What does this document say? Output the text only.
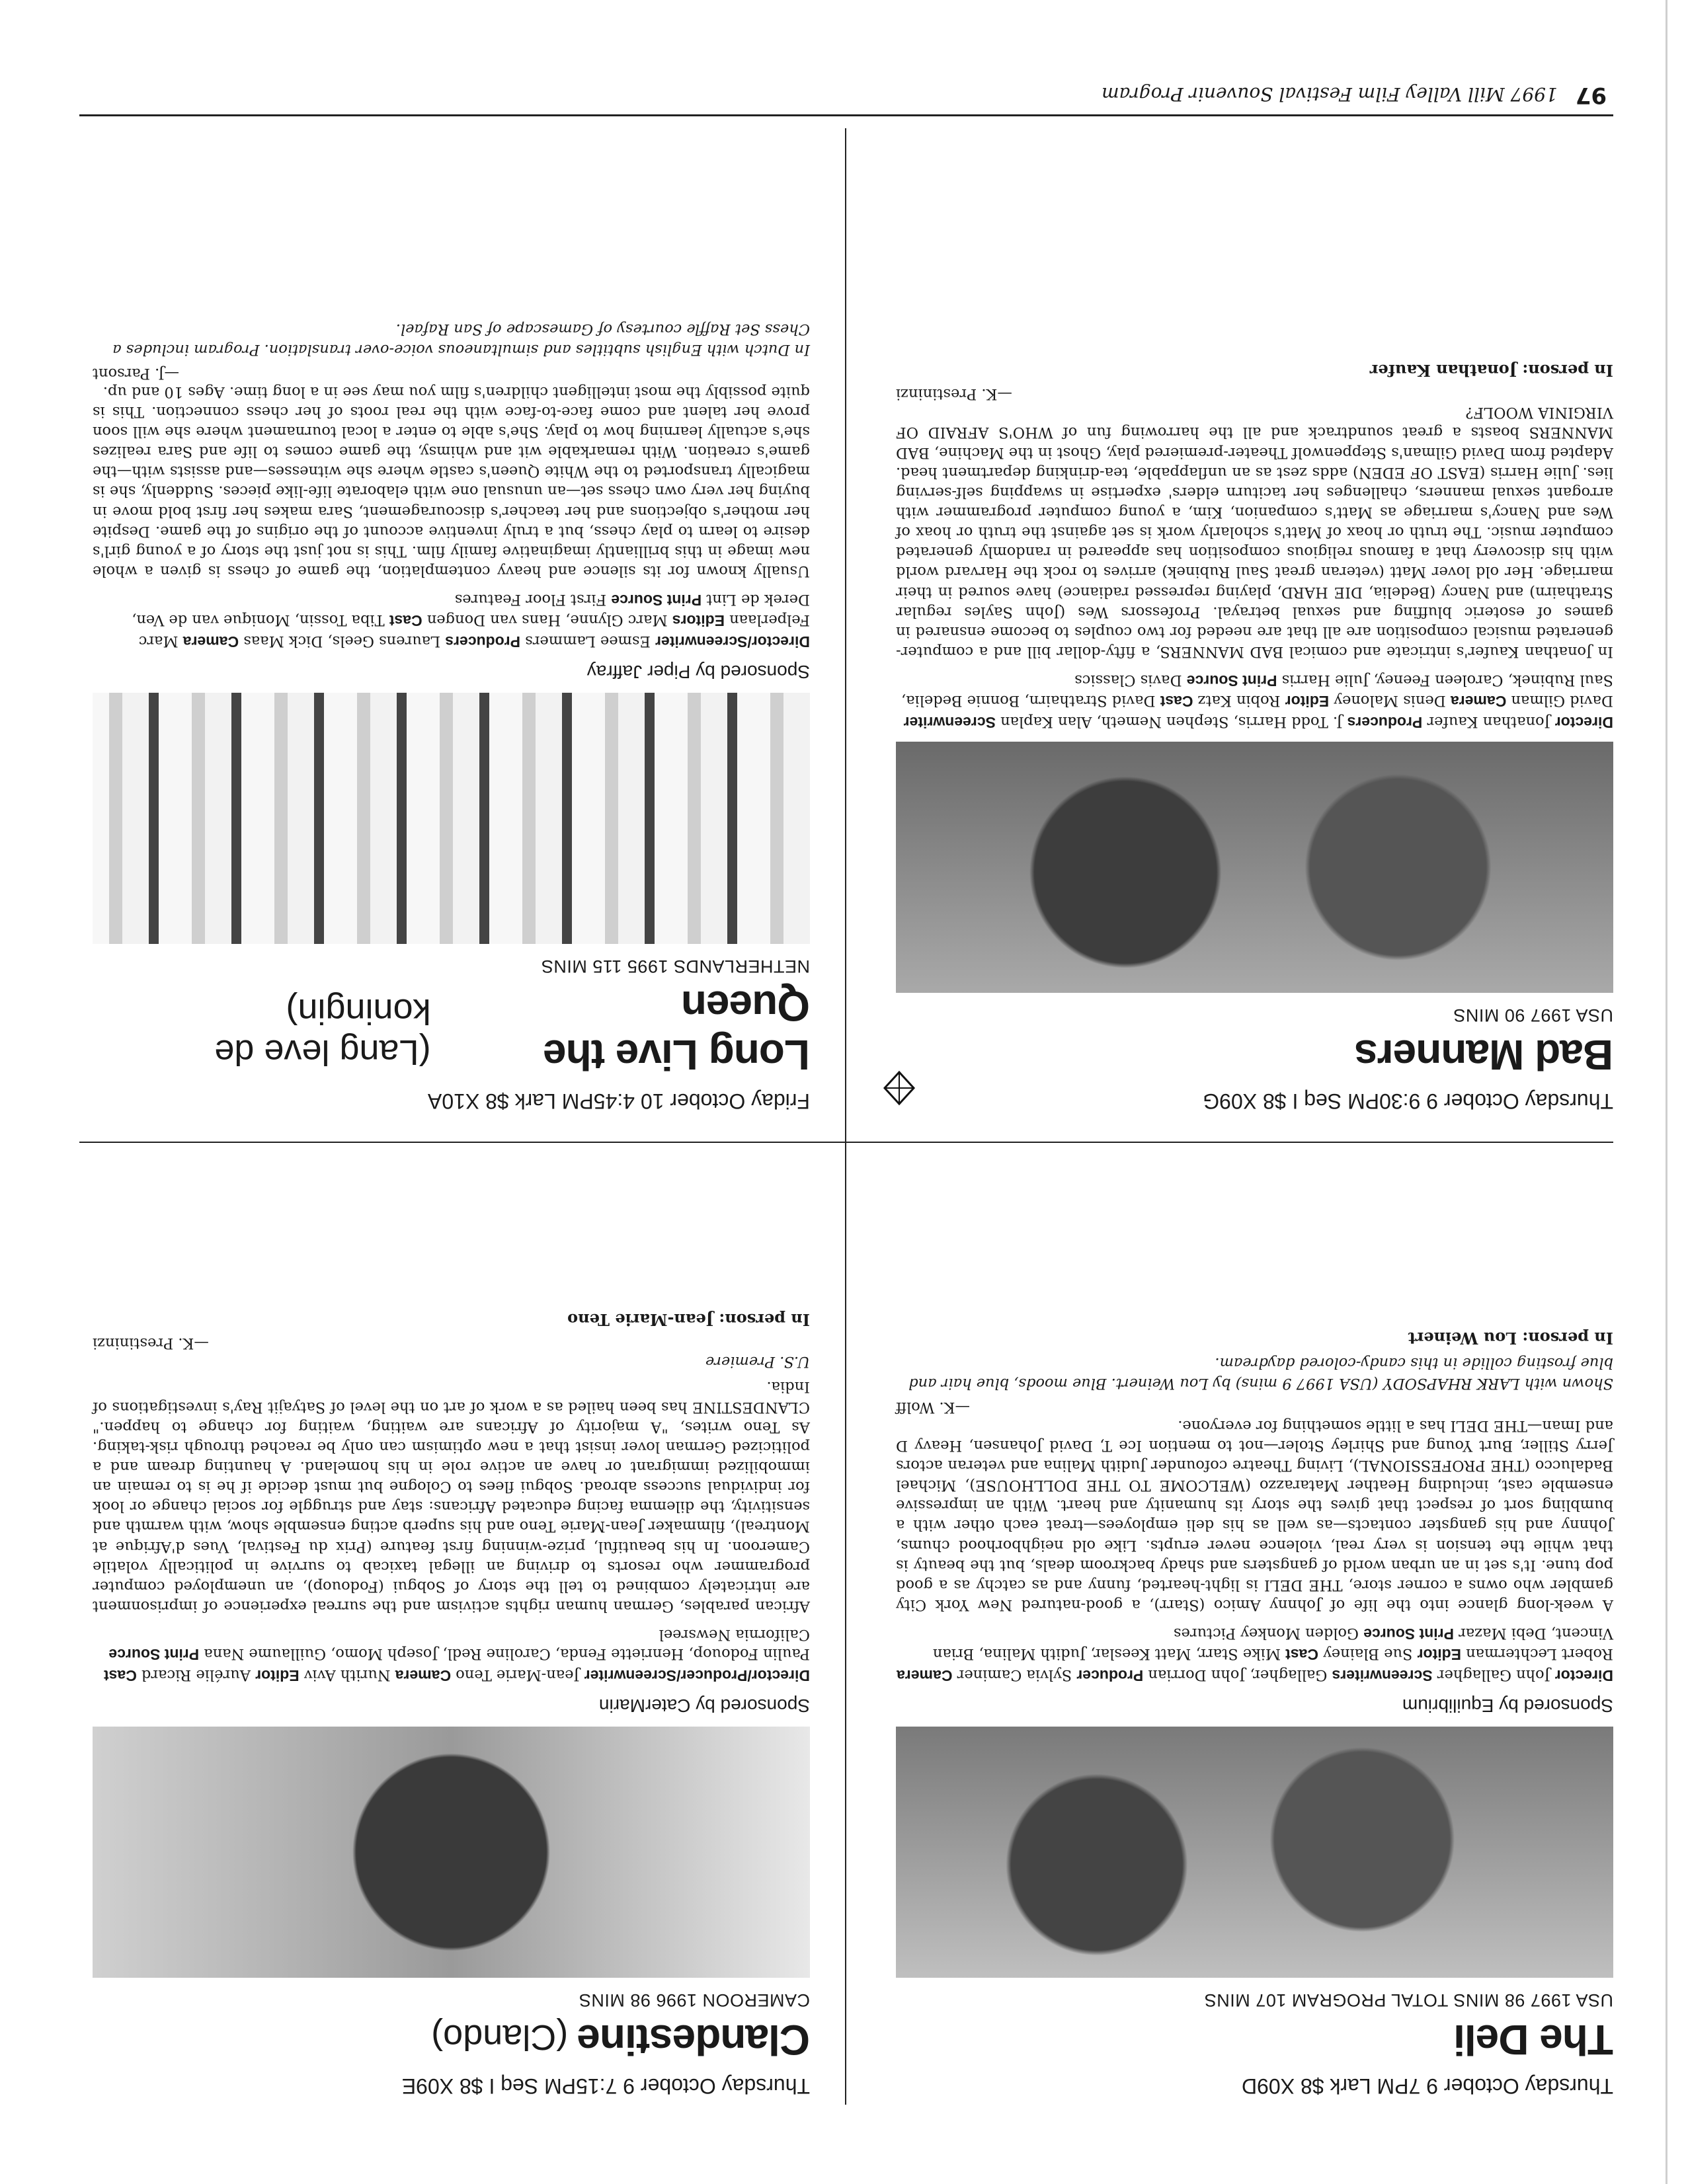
Thursday October 9 7PM Lark $8 X09D
The Deli
USA 1997 98 MINS TOTAL PROGRAM 107 MINS
Sponsored by Equilibrium
Director John Gallagher Screenwriters Gallagher, John Dorrian Producer Sylvia Caminer Camera Robert Lechterman Editor Sue Blainey Cast Mike Starr, Matt Keeslar, Judith Malina, Brian Vincent, Debi Mazar Print Source Golden Monkey Pictures
A week-long glance into the life of Johnny Amico (Starr), a good-natured New York City gambler who owns a corner store, THE DELI is light-hearted, funny and as catchy as a good pop tune. It's set in an urban world of gangsters and shady backroom deals, but the beauty is that while the tension is very real, violence never erupts. Like old neighborhood chums, Johnny and his gangster contacts—as well as his deli employees—treat each other with a bumbling sort of respect that gives the story its humanity and heart. With an impressive ensemble cast, including Heather Matarazzo (WELCOME TO THE DOLLHOUSE), Michael Badalucco (THE PROFESSIONAL), Living Theatre cofounder Judith Malina and veteran actors Jerry Stiller, Burt Young and Shirley Stoler—not to mention Ice T, David Johansen, Heavy D and Iman—THE DELI has a little something for everyone.
—K. Wolff
Shown with LARK RHAPSODY (USA 1997 9 mins) by Lou Weinert. Blue moods, blue hair and blue frosting collide in this candy-colored daydream.
In person: Lou Weinert
Thursday October 9 7:15PM Seq I $8 X09E
Clandestine
(Clando)
CAMEROON 1996 98 MINS
Sponsored by CaterMarin
Director/Producer/Screenwriter Jean-Marie Teno Camera Nurith Aviv Editor Aurélie Ricard Cast Paulin Fodouop, Henriette Fenda, Caroline Redl, Joseph Momo, Guillaume Nana Print Source California Newsreel
African parables, German human rights activism and the surreal experience of imprisonment are intricately combined to tell the story of Sobgui (Fodouop), an unemployed computer programmer who resorts to driving an illegal taxicab to survive in politically volatile Cameroon. In his beautiful, prize-winning first feature (Prix du Festival, Vues d'Afrique at Montreal), filmmaker Jean-Marie Teno and his superb acting ensemble show, with warmth and sensitivity, the dilemma facing educated Africans: stay and struggle for social change or look for individual success abroad. Sobgui flees to Cologne but must decide if he is to remain an immobilized immigrant or have an active role in his homeland. A haunting dream and a politicized German lover insist that a new optimism can only be reached through risk-taking. As Teno writes, "A majority of Africans are waiting, waiting for change to happen." CLANDESTINE has been hailed as a work of art on the level of Satyajit Ray's investigations of India.
U.S. Premiere
—K. Prestininzi
In person: Jean-Marie Teno
Thursday October 9 9:30PM Seq I $8 X09G
Bad Manners
USA 1997 90 MINS
Director Jonathan Kaufer Producers J. Todd Harris, Stephen Nemeth, Alan Kaplan Screenwriter David Gilman Camera Denis Maloney Editor Robin Katz Cast David Strathairn, Bonnie Bedelia, Saul Rubinek, Caroleen Feeney, Julie Harris Print Source Davis Classics
In Jonathan Kaufer's intricate and comical BAD MANNERS, a fifty-dollar bill and a computer-generated musical composition are all that are needed for two couples to become ensnared in games of esoteric bluffing and sexual betrayal. Professors Wes (John Sayles regular Strathairn) and Nancy (Bedelia, DIE HARD, playing repressed radiance) have soured in their marriage. Her old lover Matt (veteran great Saul Rubinek) arrives to rock the Harvard world with his discovery that a famous religious composition has appeared in randomly generated computer music. The truth or hoax of Matt's scholarly work is set against the truth or hoax of Wes and Nancy's marriage as Matt's companion, Kim, a young computer programmer with arrogant sexual manners, challenges her taciturn elders' expertise in swapping self-serving lies. Julie Harris (EAST OF EDEN) adds zest as an unflappable, tea-drinking department head. Adapted from David Gilman's Steppenwolf Theater-premiered play, Ghost in the Machine, BAD MANNERS boasts a great soundtrack and all the harrowing fun of WHO'S AFRAID OF VIRGINIA WOOLF?
—K. Prestininzi
In person: Jonathan Kaufer
Friday October 10 4:45PM Lark $8 X10A
Long Live the Queen
(Lang leve de koningin)
NETHERLANDS 1995 115 MINS
Sponsored by Piper Jaffray
Director/Screenwriter Esmee Lammers Producers Laurens Geels, Dick Maas Camera Marc Felperlaan Editors Marc Glynne, Hans van Dongen Cast Tiba Tossin, Monique van de Ven, Derek de Lint Print Source First Floor Features
Usually known for its silence and heavy contemplation, the game of chess is given a whole new image in this brilliantly imaginative family film. This is not just the story of a young girl's desire to learn to play chess, but a truly inventive account of the origins of the game. Despite her mother's objections and her teacher's discouragement, Sara makes her first bold move in buying her very own chess set—an unusual one with elaborate life-like pieces. Suddenly, she is magically transported to the White Queen's castle where she witnesses—and assists with—the game's creation. With remarkable wit and whimsy, the game comes to life and Sara realizes she's actually learning how to play. She's able to enter a local tournament where she will soon prove her talent and come face-to-face with the real roots of her chess connection. This is quite possibly the most intelligent children's film you may see in a long time. Ages 10 and up.
—J. Parsont
In Dutch with English subtitles and simultaneous voice-over translation. Program includes a Chess Set Raffle courtesy of Gamescape of San Rafael.
97 1997 Mill Valley Film Festival Souvenir Program
